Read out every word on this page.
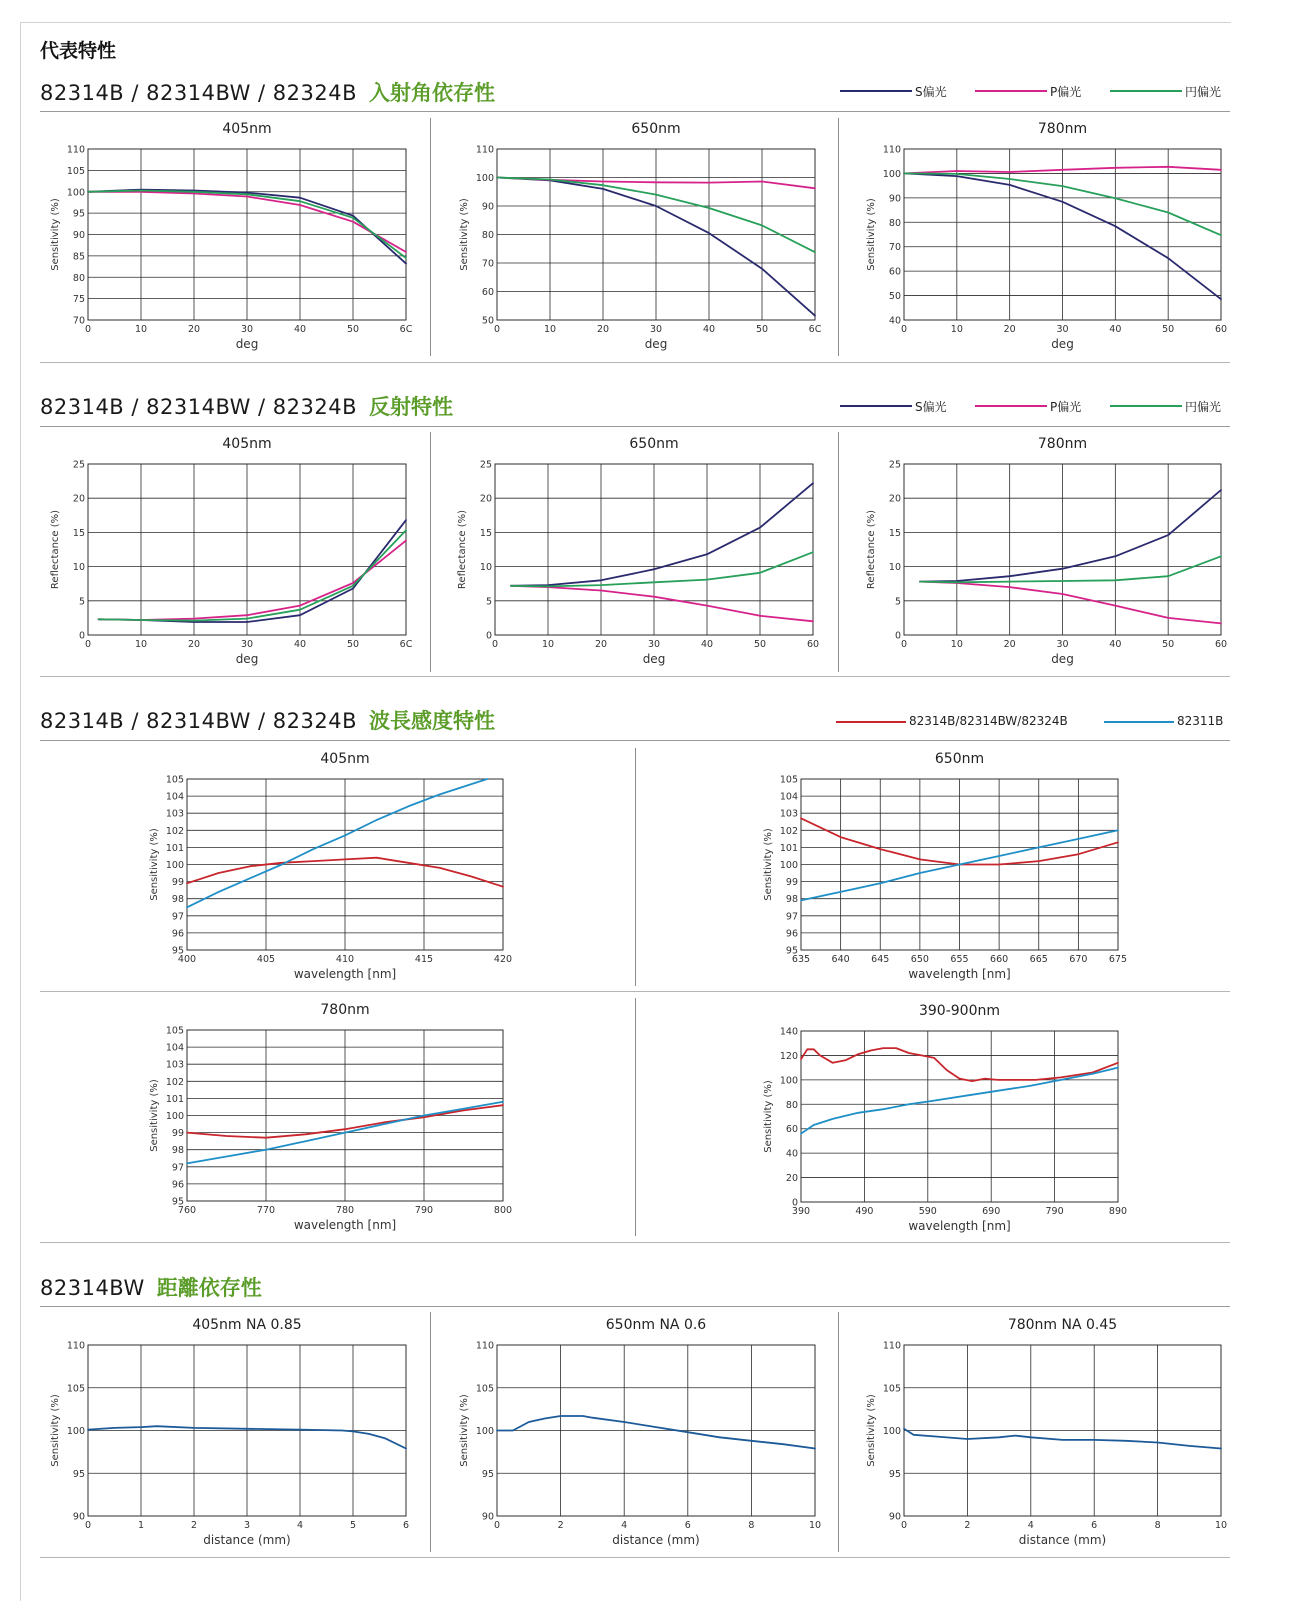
代表特性
82314B / 82314BW / 82324B 入射角依存性	S偏光	P偏光	円偏光
82314B / 82314BW / 82324B 反射特性	S偏光	P偏光	円偏光
82314B / 82314BW / 82324B 波長感度特性	82314B/82314BW/82324B	82311B
82314BW 距離依存性
70
75
80
85
90
95
100
105
110
0	10	20	30	40	50	6C
405nm
deg
Sensitivity (%)
50
60
70
80
90
100
110
0	10	20	30	40	50	6C
650nm
deg
Sensitivity (%)
40
50
60
70
80
90
100
110
0	10	20	30	40	50	60
780nm
deg
Sensitivity (%)
0
5
10
15
20
25
0	10	20	30	40	50	6C
405nm
deg
Reflectance (%)
0
5
10
15
20
25
0	10	20	30	40	50	60
650nm
deg
Reflectance (%)
0
5
10
15
20
25
0	10	20	30	40	50	60
780nm
deg
Reflectance (%)
95
96
97
98
99
100
101
102
103
104
105
400	405	410	415	420
405nm
wavelength [nm]
Sensitivity (%)
95
96
97
98
99
100
101
102
103
104
105
635 640 645 650 655 660 665 670 675
650nm
wavelength [nm]
Sensitivity (%)
95
96
97
98
99
100
101
102
103
104
105
760	770	780	790	800
780nm
wavelength [nm]
Sensitivity (%)
0
20
40
60
80
100
120
140
390	490	590	690	790	890
390-900nm
wavelength [nm]
Sensitivity (%)
90
95
100
105
110
0	1	2	3	4	5	6
405nm NA 0.85
distance (mm)
Sensitivity (%)
90
95
100
105
110
0	2	4	6	8	10
650nm NA 0.6
distance (mm)
Sensitivity (%)
90
95
100
105
110
0	2	4	6	8	10
780nm NA 0.45
distance (mm)
Sensitivity (%)
